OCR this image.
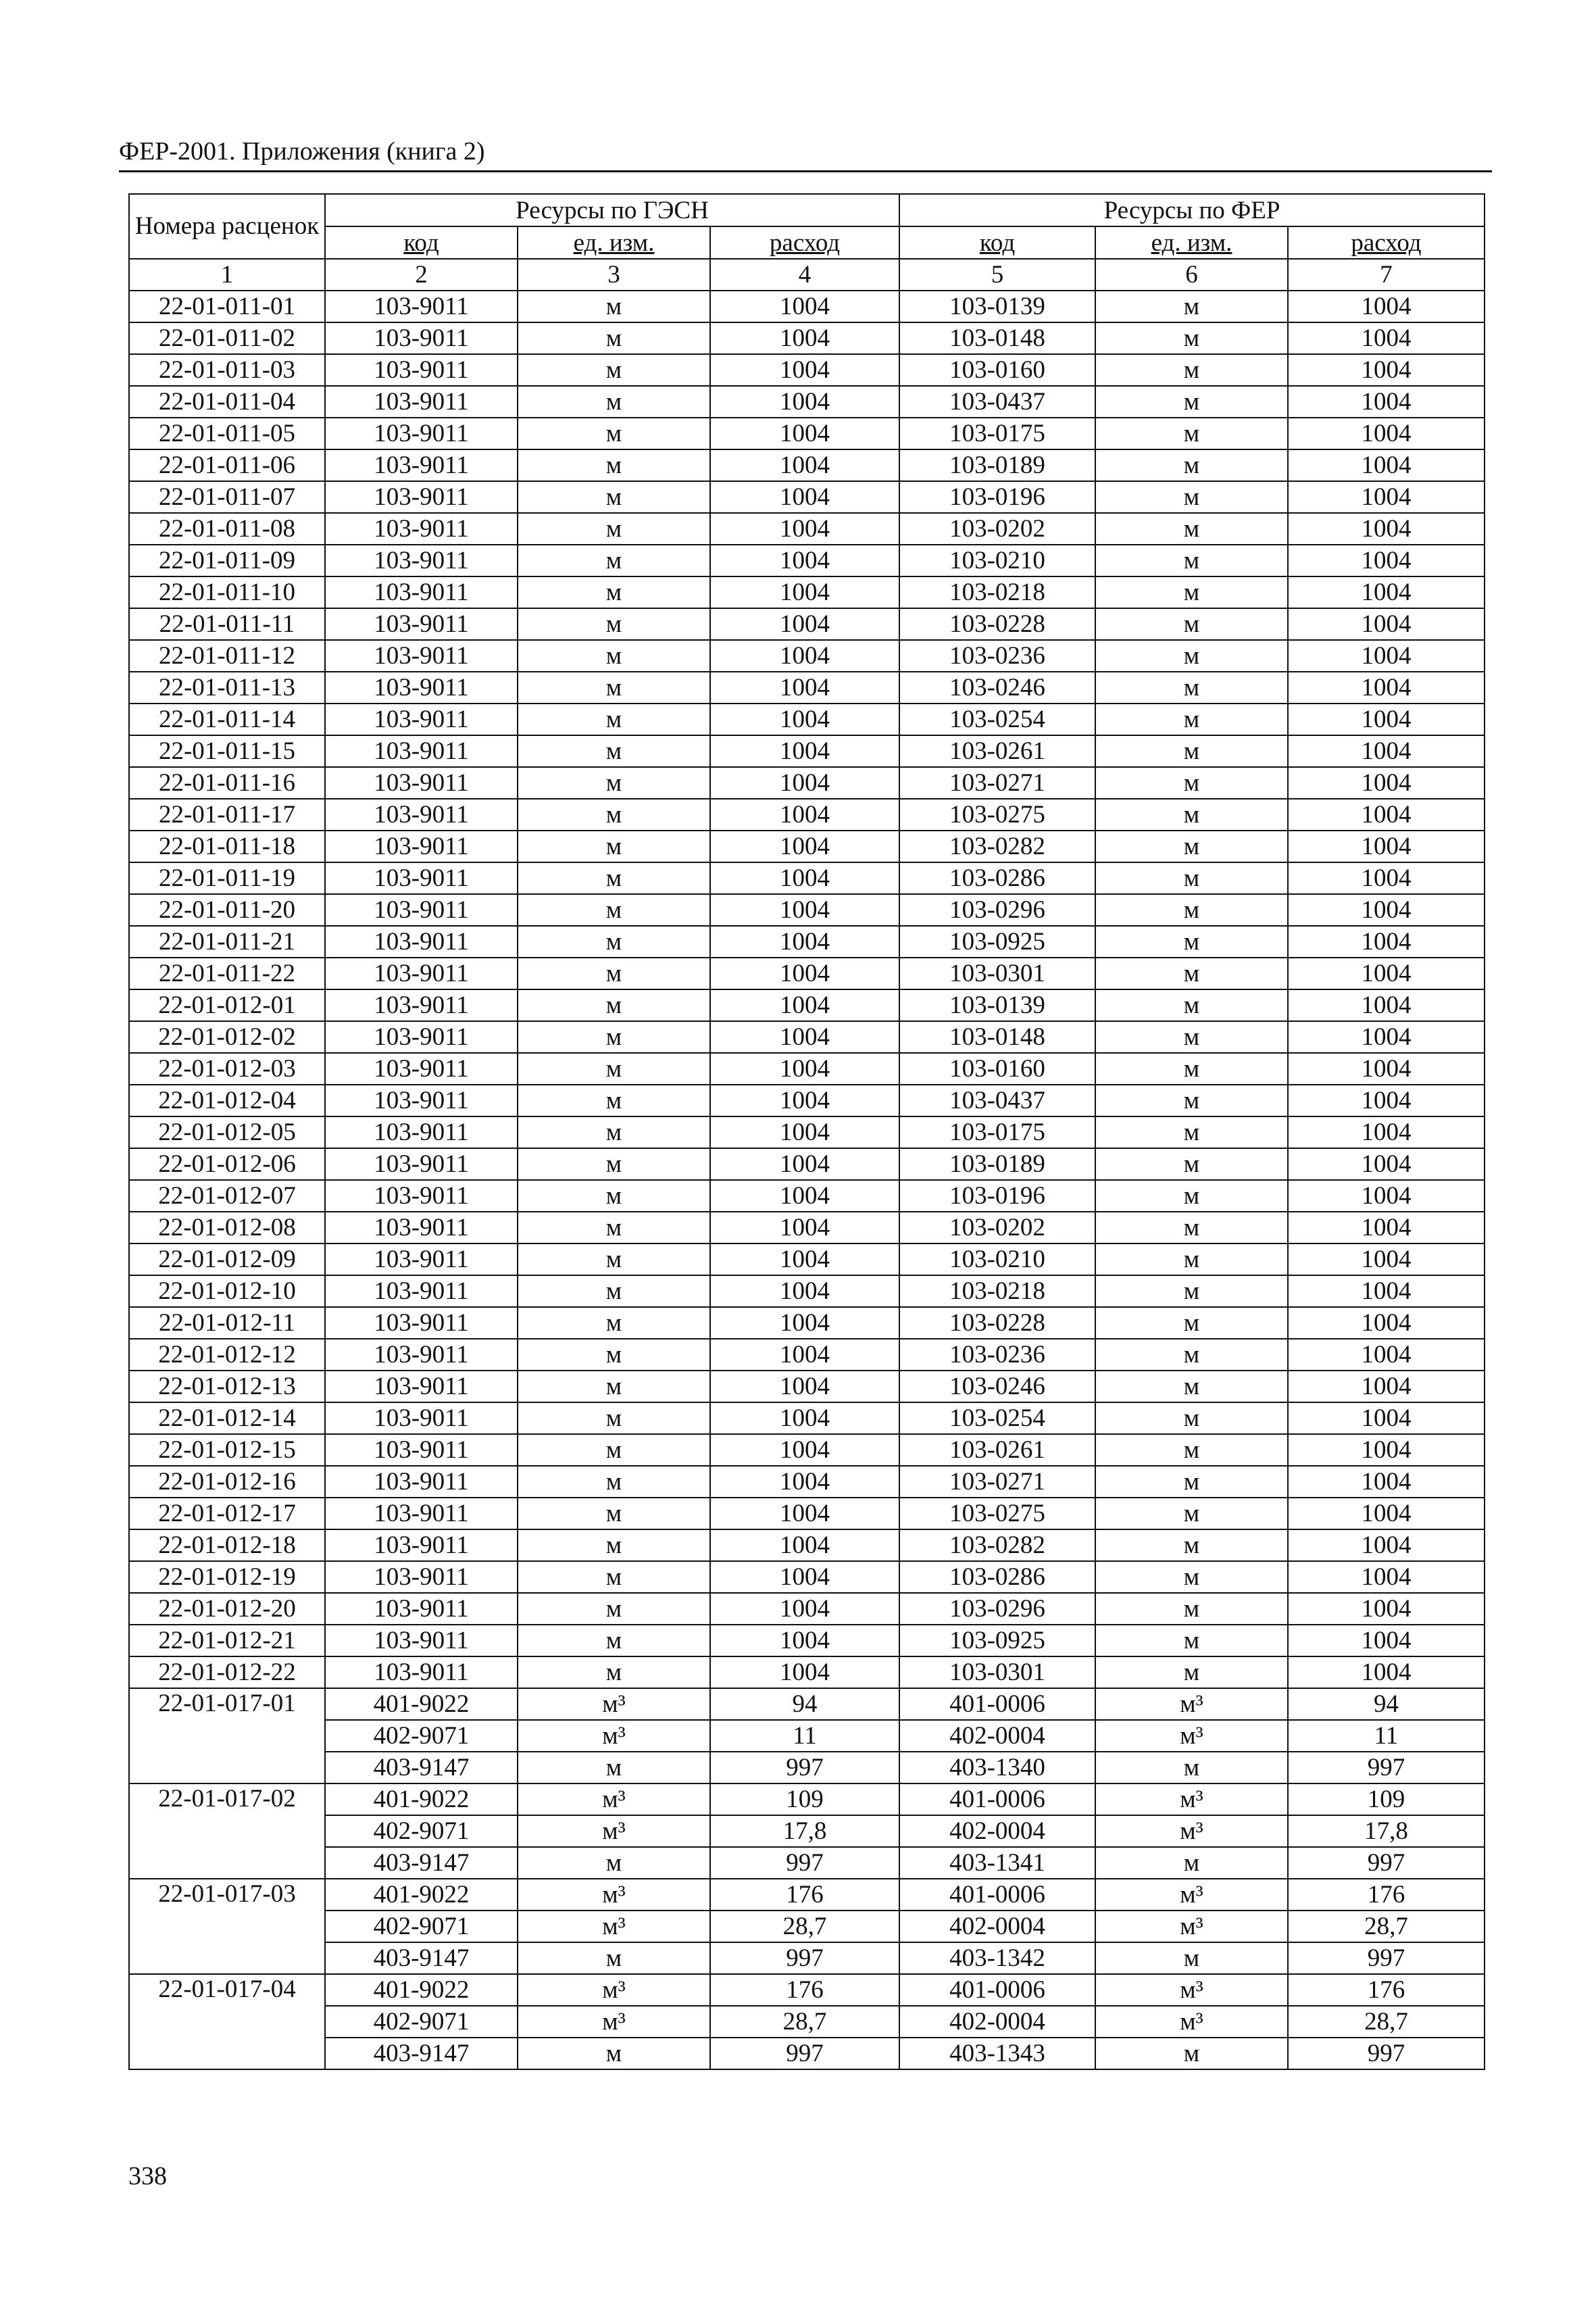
ФЕР-2001. Приложения (книга 2)
Номера расценок	Ресурсы по ГЭСН			Ресурсы по ФЕР		
	код	ед. изм.	расход	код	ед. изм.	расход
1	2	3	4	5	6	7
22-01-011-01	103-9011	м	1004	103-0139	м	1004
22-01-011-02	103-9011	м	1004	103-0148	м	1004
22-01-011-03	103-9011	м	1004	103-0160	м	1004
22-01-011-04	103-9011	м	1004	103-0437	м	1004
22-01-011-05	103-9011	м	1004	103-0175	м	1004
22-01-011-06	103-9011	м	1004	103-0189	м	1004
22-01-011-07	103-9011	м	1004	103-0196	м	1004
22-01-011-08	103-9011	м	1004	103-0202	м	1004
22-01-011-09	103-9011	м	1004	103-0210	м	1004
22-01-011-10	103-9011	м	1004	103-0218	м	1004
22-01-011-11	103-9011	м	1004	103-0228	м	1004
22-01-011-12	103-9011	м	1004	103-0236	м	1004
22-01-011-13	103-9011	м	1004	103-0246	м	1004
22-01-011-14	103-9011	м	1004	103-0254	м	1004
22-01-011-15	103-9011	м	1004	103-0261	м	1004
22-01-011-16	103-9011	м	1004	103-0271	м	1004
22-01-011-17	103-9011	м	1004	103-0275	м	1004
22-01-011-18	103-9011	м	1004	103-0282	м	1004
22-01-011-19	103-9011	м	1004	103-0286	м	1004
22-01-011-20	103-9011	м	1004	103-0296	м	1004
22-01-011-21	103-9011	м	1004	103-0925	м	1004
22-01-011-22	103-9011	м	1004	103-0301	м	1004
22-01-012-01	103-9011	м	1004	103-0139	м	1004
22-01-012-02	103-9011	м	1004	103-0148	м	1004
22-01-012-03	103-9011	м	1004	103-0160	м	1004
22-01-012-04	103-9011	м	1004	103-0437	м	1004
22-01-012-05	103-9011	м	1004	103-0175	м	1004
22-01-012-06	103-9011	м	1004	103-0189	м	1004
22-01-012-07	103-9011	м	1004	103-0196	м	1004
22-01-012-08	103-9011	м	1004	103-0202	м	1004
22-01-012-09	103-9011	м	1004	103-0210	м	1004
22-01-012-10	103-9011	м	1004	103-0218	м	1004
22-01-012-11	103-9011	м	1004	103-0228	м	1004
22-01-012-12	103-9011	м	1004	103-0236	м	1004
22-01-012-13	103-9011	м	1004	103-0246	м	1004
22-01-012-14	103-9011	м	1004	103-0254	м	1004
22-01-012-15	103-9011	м	1004	103-0261	м	1004
22-01-012-16	103-9011	м	1004	103-0271	м	1004
22-01-012-17	103-9011	м	1004	103-0275	м	1004
22-01-012-18	103-9011	м	1004	103-0282	м	1004
22-01-012-19	103-9011	м	1004	103-0286	м	1004
22-01-012-20	103-9011	м	1004	103-0296	м	1004
22-01-012-21	103-9011	м	1004	103-0925	м	1004
22-01-012-22	103-9011	м	1004	103-0301	м	1004
22-01-017-01	401-9022	м³	94	401-0006	м³	94
	402-9071	м³	11	402-0004	м³	11
	403-9147	м	997	403-1340	м	997
22-01-017-02	401-9022	м³	109	401-0006	м³	109
	402-9071	м³	17,8	402-0004	м³	17,8
	403-9147	м	997	403-1341	м	997
22-01-017-03	401-9022	м³	176	401-0006	м³	176
	402-9071	м³	28,7	402-0004	м³	28,7
	403-9147	м	997	403-1342	м	997
22-01-017-04	401-9022	м³	176	401-0006	м³	176
	402-9071	м³	28,7	402-0004	м³	28,7
	403-9147	м	997	403-1343	м	997
338
